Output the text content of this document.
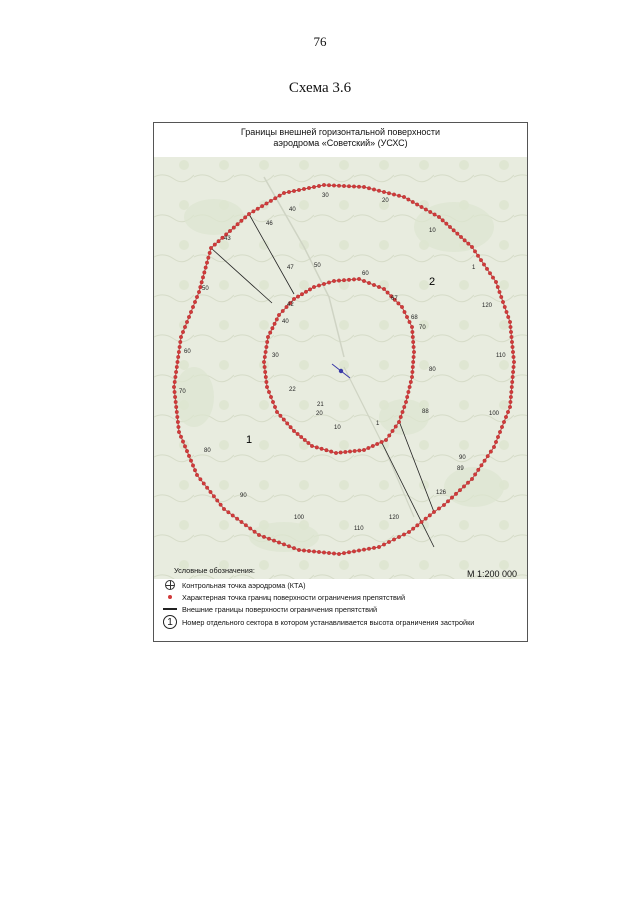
76
Схема 3.6
Границы внешней горизонтальной поверхности
аэродрома «Советский» (УСХС)
1
10
20
30
40
46
43
50
60
70
80
90
100
110
120
126
89
90
100
110
120
1
10
20
21
22
30
40
42
47	50
60
67
68
70
80
88
1
2
Условные обозначения:	М 1:200 000
Контрольная точка аэродрома (КТА)
Характерная точка границ поверхности ограничения препятствий
Внешние границы поверхности ограничения препятствий
1	Номер отдельного сектора в котором устанавливается высота ограничения застройки
